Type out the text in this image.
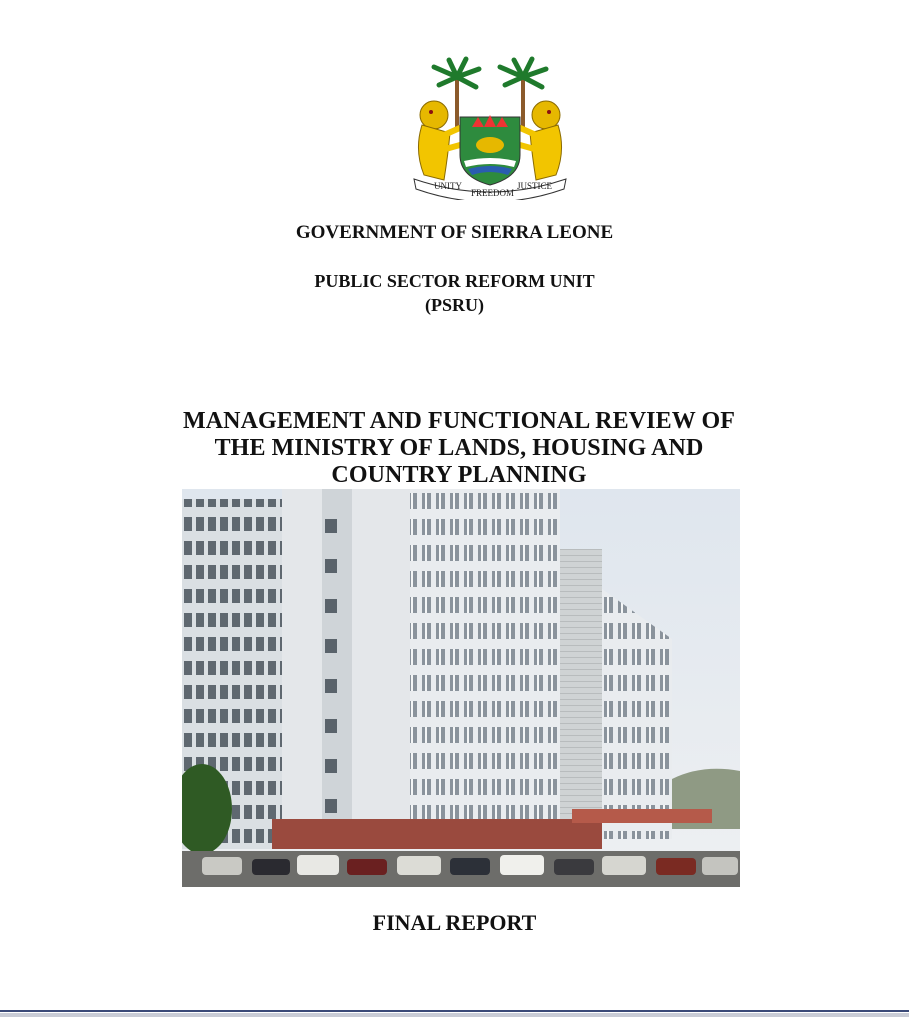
UNITY
FREEDOM
JUSTICE
GOVERNMENT OF SIERRA LEONE
PUBLIC SECTOR REFORM UNIT
(PSRU)
MANAGEMENT AND FUNCTIONAL REVIEW OF THE MINISTRY OF LANDS, HOUSING AND COUNTRY PLANNING
FINAL REPORT
